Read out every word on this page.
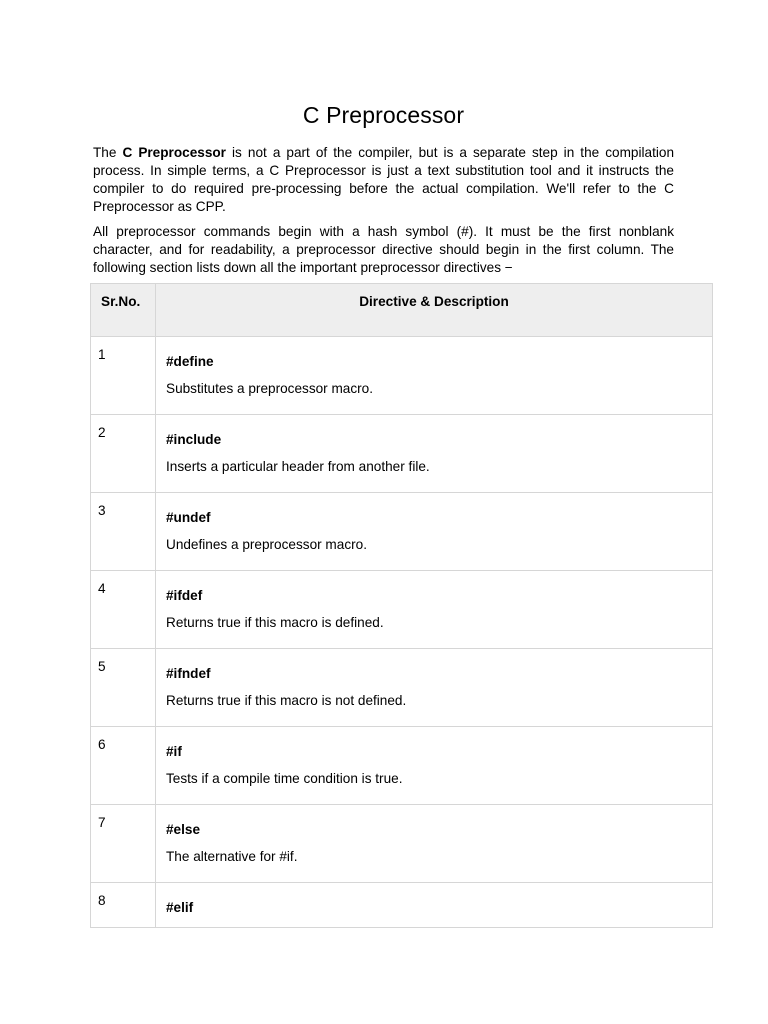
C Preprocessor

The C Preprocessor is not a part of the compiler, but is a separate step in the compilation process. In simple terms, a C Preprocessor is just a text substitution tool and it instructs the compiler to do required pre-processing before the actual compilation. We'll refer to the C Preprocessor as CPP.

All preprocessor commands begin with a hash symbol (#). It must be the first nonblank character, and for readability, a preprocessor directive should begin in the first column. The following section lists down all the important preprocessor directives −

Sr.No.	Directive & Description
1	#define
Substitutes a preprocessor macro.

2	#include
Inserts a particular header from another file.

3	#undef
Undefines a preprocessor macro.

4	#ifdef
Returns true if this macro is defined.

5	#ifndef
Returns true if this macro is not defined.

6	#if
Tests if a compile time condition is true.

7	#else
The alternative for #if.

8	#elif
